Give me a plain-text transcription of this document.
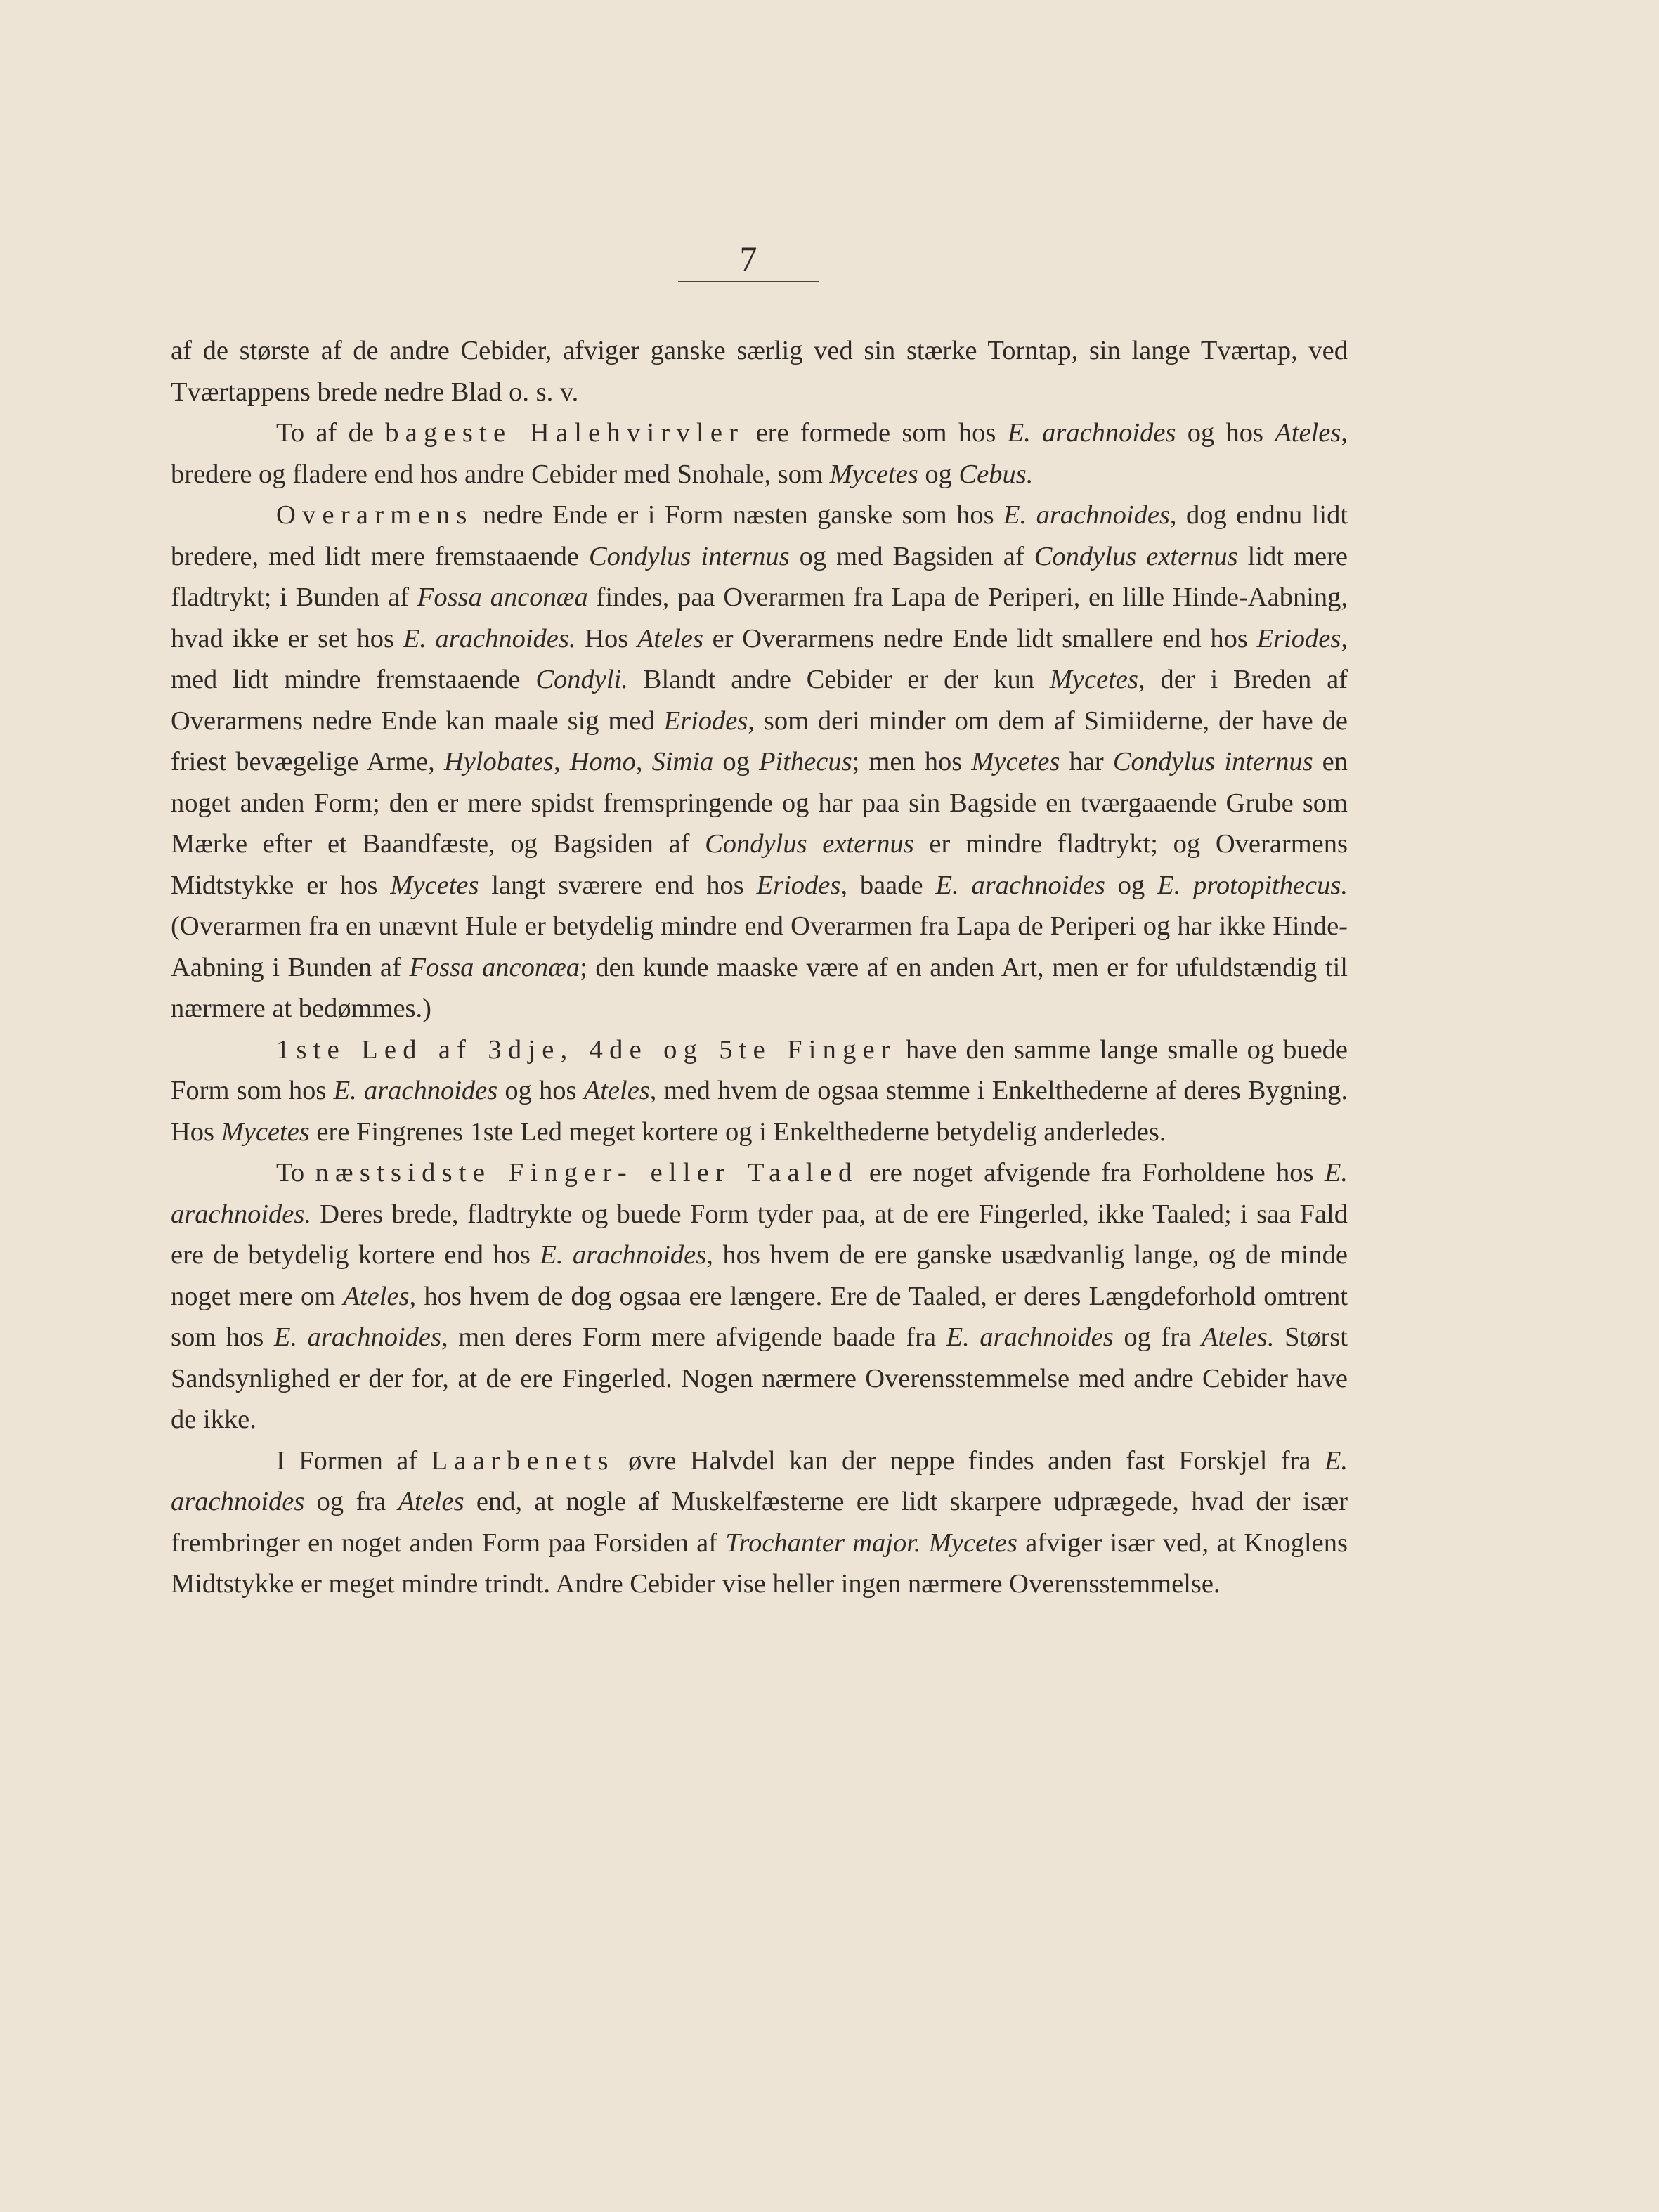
7

af de største af de andre Cebider, afviger ganske særlig ved sin stærke Torntap, sin lange Tværtap, ved Tværtappens brede nedre Blad o. s. v.

To af de bageste Halehvirvler ere formede som hos E. arachnoides og hos Ateles, bredere og fladere end hos andre Cebider med Snohale, som Mycetes og Cebus.

Overarmens nedre Ende er i Form næsten ganske som hos E. arachnoides, dog endnu lidt bredere, med lidt mere fremstaaende Condylus internus og med Bagsiden af Condylus externus lidt mere fladtrykt; i Bunden af Fossa anconæa findes, paa Overarmen fra Lapa de Periperi, en lille Hinde-Aabning, hvad ikke er set hos E. arachnoides. Hos Ateles er Overarmens nedre Ende lidt smallere end hos Eriodes, med lidt mindre fremstaaende Condyli. Blandt andre Cebider er der kun Mycetes, der i Breden af Overarmens nedre Ende kan maale sig med Eriodes, som deri minder om dem af Simiiderne, der have de friest bevægelige Arme, Hylobates, Homo, Simia og Pithecus; men hos Mycetes har Condylus internus en noget anden Form; den er mere spidst fremspringende og har paa sin Bagside en tværgaaende Grube som Mærke efter et Baandfæste, og Bagsiden af Condylus externus er mindre fladtrykt; og Overarmens Midtstykke er hos Mycetes langt sværere end hos Eriodes, baade E. arachnoides og E. protopithecus. (Overarmen fra en unævnt Hule er betydelig mindre end Overarmen fra Lapa de Periperi og har ikke Hinde-Aabning i Bunden af Fossa anconæa; den kunde maaske være af en anden Art, men er for ufuldstændig til nærmere at bedømmes.)

1ste Led af 3dje, 4de og 5te Finger have den samme lange smalle og buede Form som hos E. arachnoides og hos Ateles, med hvem de ogsaa stemme i Enkelthederne af deres Bygning. Hos Mycetes ere Fingrenes 1ste Led meget kortere og i Enkelthederne betydelig anderledes.

To næstsidste Finger- eller Taaled ere noget afvigende fra Forholdene hos E. arachnoides. Deres brede, fladtrykte og buede Form tyder paa, at de ere Fingerled, ikke Taaled; i saa Fald ere de betydelig kortere end hos E. arachnoides, hos hvem de ere ganske usædvanlig lange, og de minde noget mere om Ateles, hos hvem de dog ogsaa ere længere. Ere de Taaled, er deres Længdeforhold omtrent som hos E. arachnoides, men deres Form mere afvigende baade fra E. arachnoides og fra Ateles. Størst Sandsynlighed er der for, at de ere Fingerled. Nogen nærmere Overensstemmelse med andre Cebider have de ikke.

I Formen af Laarbenets øvre Halvdel kan der neppe findes anden fast Forskjel fra E. arachnoides og fra Ateles end, at nogle af Muskelfæsterne ere lidt skarpere udprægede, hvad der især frembringer en noget anden Form paa Forsiden af Trochanter major. Mycetes afviger især ved, at Knoglens Midtstykke er meget mindre trindt. Andre Cebider vise heller ingen nærmere Overensstemmelse.
